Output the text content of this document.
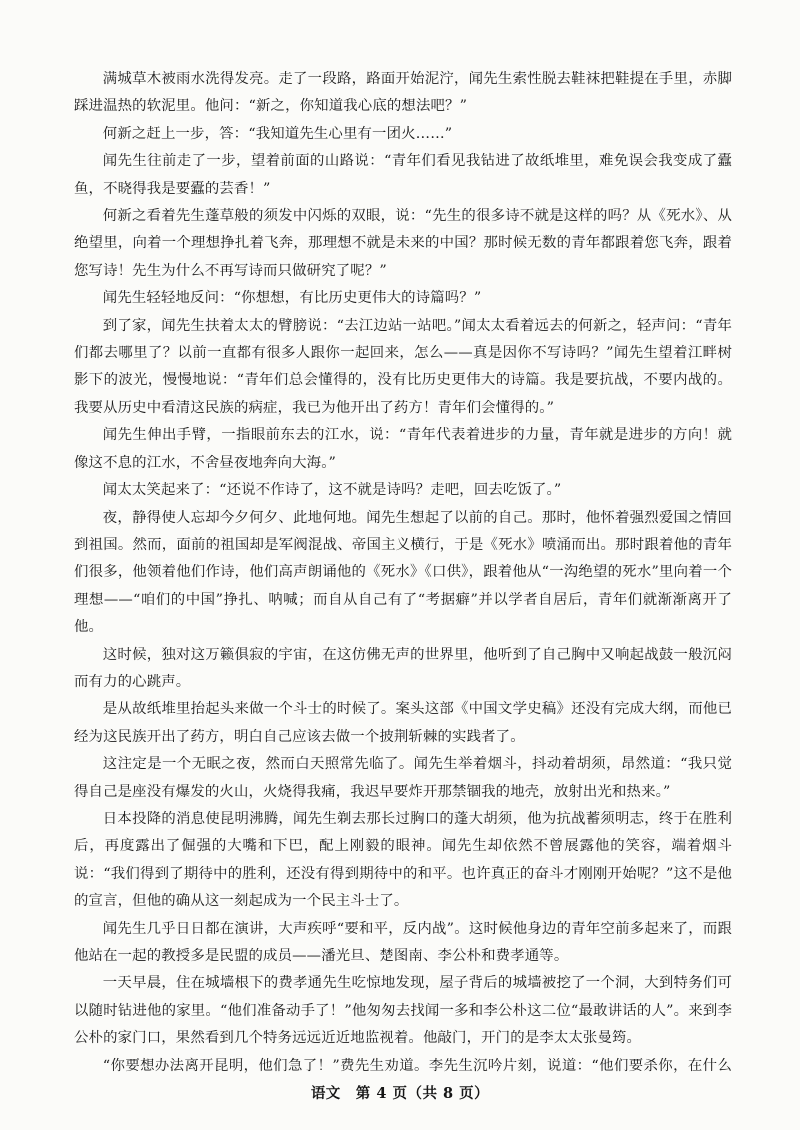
满城草木被雨水洗得发亮。走了一段路，路面开始泥泞，闻先生索性脱去鞋袜把鞋提在手里，赤脚踩进温热的软泥里。他问：“新之，你知道我心底的想法吧？”

何新之赶上一步，答：“我知道先生心里有一团火……”

闻先生往前走了一步，望着前面的山路说：“青年们看见我钻进了故纸堆里，难免误会我变成了蠹鱼，不晓得我是要蠹的芸香！”

何新之看着先生蓬草般的须发中闪烁的双眼，说：“先生的很多诗不就是这样的吗？从《死水》、从绝望里，向着一个理想挣扎着飞奔，那理想不就是未来的中国？那时候无数的青年都跟着您飞奔，跟着您写诗！先生为什么不再写诗而只做研究了呢？”

闻先生轻轻地反问：“你想想，有比历史更伟大的诗篇吗？”

到了家，闻先生扶着太太的臂膀说：“去江边站一站吧。”闻太太看着远去的何新之，轻声问：“青年们都去哪里了？以前一直都有很多人跟你一起回来，怎么——真是因你不写诗吗？”闻先生望着江畔树影下的波光，慢慢地说：“青年们总会懂得的，没有比历史更伟大的诗篇。我是要抗战，不要内战的。我要从历史中看清这民族的病症，我已为他开出了药方！青年们会懂得的。”

闻先生伸出手臂，一指眼前东去的江水，说：“青年代表着进步的力量，青年就是进步的方向！就像这不息的江水，不舍昼夜地奔向大海。”

闻太太笑起来了：“还说不作诗了，这不就是诗吗？走吧，回去吃饭了。”

夜，静得使人忘却今夕何夕、此地何地。闻先生想起了以前的自己。那时，他怀着强烈爱国之情回到祖国。然而，面前的祖国却是军阀混战、帝国主义横行，于是《死水》喷涌而出。那时跟着他的青年们很多，他领着他们作诗，他们高声朗诵他的《死水》《口供》，跟着他从“一沟绝望的死水”里向着一个理想——“咱们的中国”挣扎、呐喊；而自从自己有了“考据癖”并以学者自居后，青年们就渐渐离开了他。

这时候，独对这万籁俱寂的宇宙，在这仿佛无声的世界里，他听到了自己胸中又响起战鼓一般沉闷而有力的心跳声。

是从故纸堆里抬起头来做一个斗士的时候了。案头这部《中国文学史稿》还没有完成大纲，而他已经为这民族开出了药方，明白自己应该去做一个披荆斩棘的实践者了。

这注定是一个无眠之夜，然而白天照常先临了。闻先生举着烟斗，抖动着胡须，昂然道：“我只觉得自己是座没有爆发的火山，火烧得我痛，我迟早要炸开那禁锢我的地壳，放射出光和热来。”

日本投降的消息使昆明沸腾，闻先生剃去那长过胸口的蓬大胡须，他为抗战蓄须明志，终于在胜利后，再度露出了倔强的大嘴和下巴，配上刚毅的眼神。闻先生却依然不曾展露他的笑容，端着烟斗说：“我们得到了期待中的胜利，还没有得到期待中的和平。也许真正的奋斗才刚刚开始呢？”这不是他的宣言，但他的确从这一刻起成为一个民主斗士了。

闻先生几乎日日都在演讲，大声疾呼“要和平，反内战”。这时候他身边的青年空前多起来了，而跟他站在一起的教授多是民盟的成员——潘光旦、楚图南、李公朴和费孝通等。

一天早晨，住在城墙根下的费孝通先生吃惊地发现，屋子背后的城墙被挖了一个洞，大到特务们可以随时钻进他的家里。“他们准备动手了！”他匆匆去找闻一多和李公朴这二位“最敢讲话的人”。来到李公朴的家门口，果然看到几个特务远远近近地监视着。他敲门，开门的是李太太张曼筠。

“你要想办法离开昆明，他们急了！”费先生劝道。李先生沉吟片刻，说道：“他们要杀你，在什么

语文　第 4 页（共 8 页）
